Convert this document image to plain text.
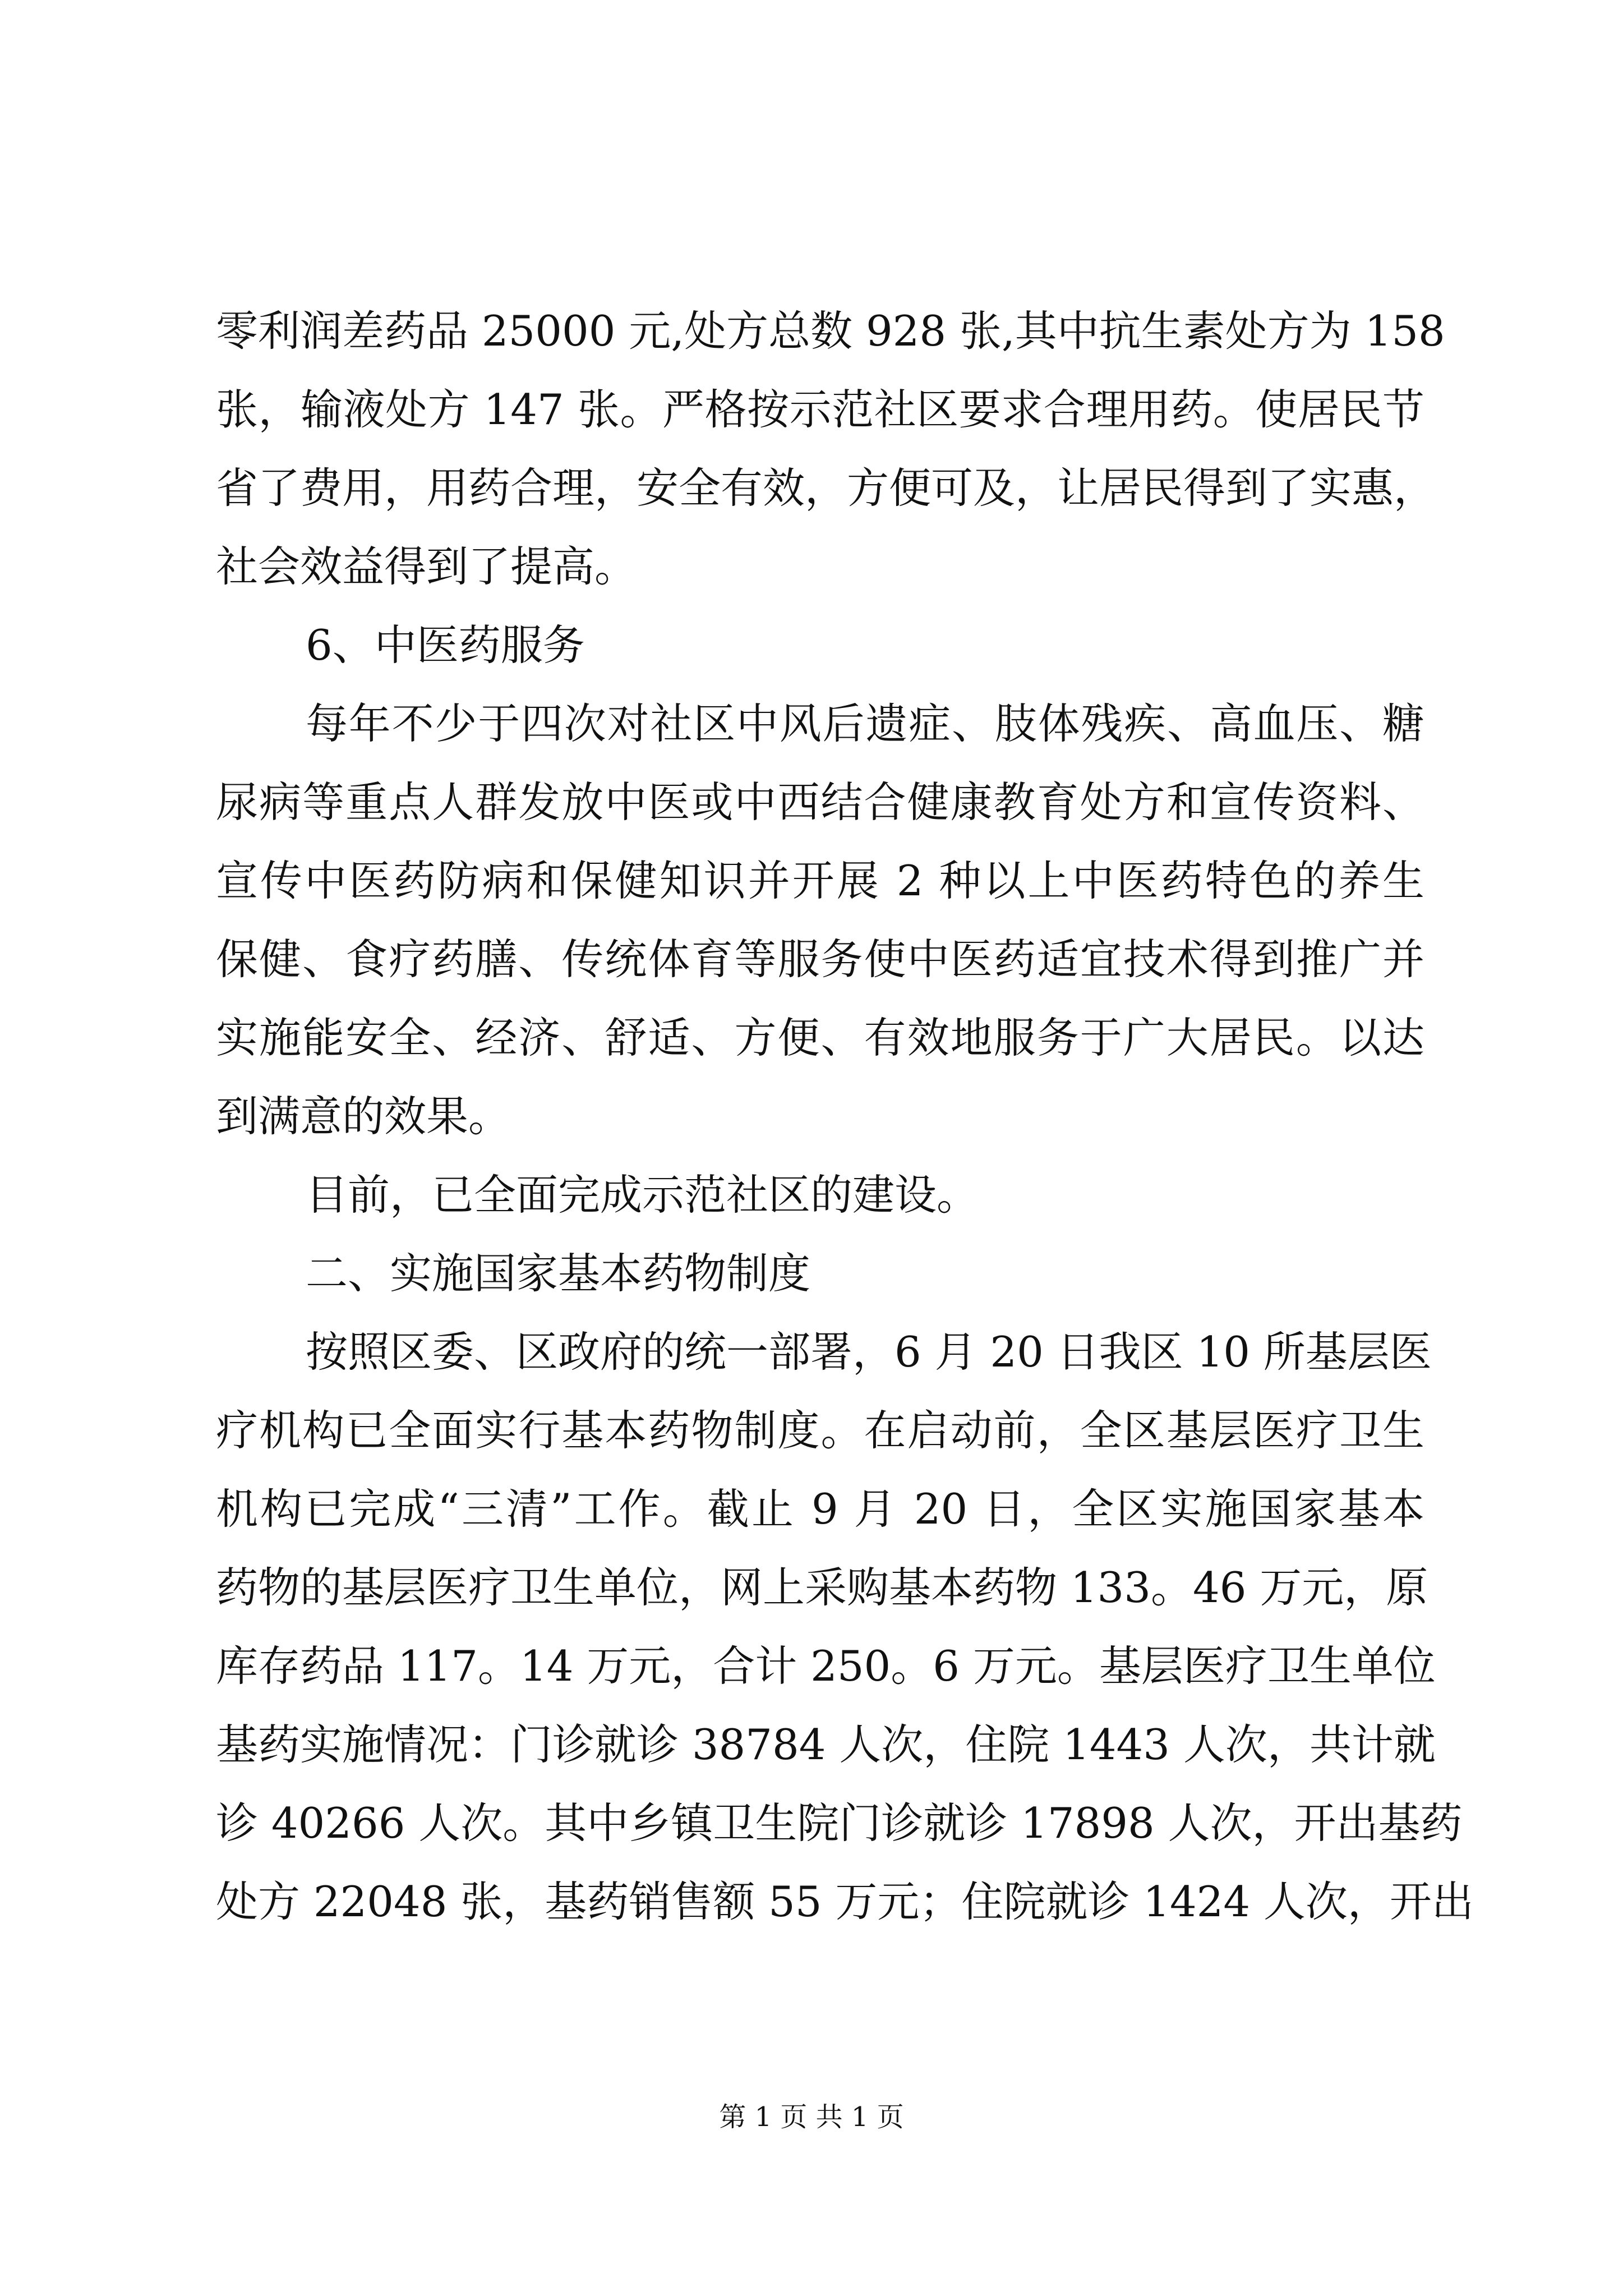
零利润差药品 25000 元,处方总数 928 张,其中抗生素处方为 158
张，输液处方 147 张。严格按示范社区要求合理用药。使居民节
省了费用，用药合理，安全有效，方便可及，让居民得到了实惠，
社会效益得到了提高。
6、中医药服务
每年不少于四次对社区中风后遗症、肢体残疾、高血压、糖
尿病等重点人群发放中医或中西结合健康教育处方和宣传资料、
宣传中医药防病和保健知识并开展 2 种以上中医药特色的养生
保健、食疗药膳、传统体育等服务使中医药适宜技术得到推广并
实施能安全、经济、舒适、方便、有效地服务于广大居民。以达
到满意的效果。
目前，已全面完成示范社区的建设。
二、实施国家基本药物制度
按照区委、区政府的统一部署，6 月 20 日我区 10 所基层医
疗机构已全面实行基本药物制度。在启动前，全区基层医疗卫生
机构已完成“三清”工作。截止 9 月 20 日，全区实施国家基本
药物的基层医疗卫生单位，网上采购基本药物 133。46 万元，原
库存药品 117。14 万元，合计 250。6 万元。基层医疗卫生单位
基药实施情况：门诊就诊 38784 人次，住院 1443 人次，共计就
诊 40266 人次。其中乡镇卫生院门诊就诊 17898 人次，开出基药
处方 22048 张，基药销售额 55 万元；住院就诊 1424 人次，开出
第 1 页 共 1 页
